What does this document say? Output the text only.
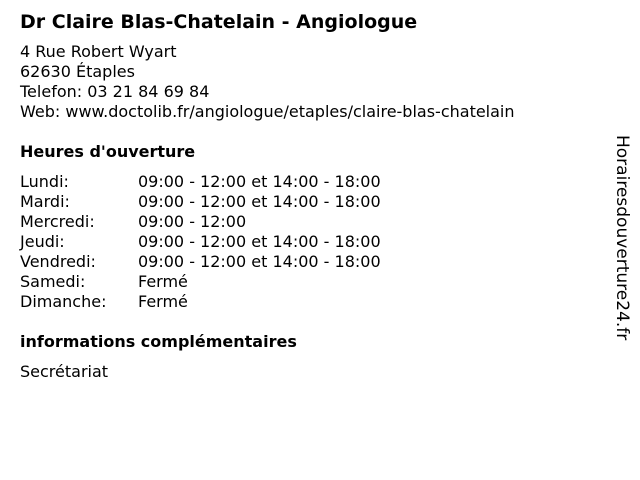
Dr Claire Blas-Chatelain - Angiologue
4 Rue Robert Wyart
62630 Étaples
Telefon: 03 21 84 69 84
Web: www.doctolib.fr/angiologue/etaples/claire-blas-chatelain
Heures d'ouverture
Lundi:	09:00 - 12:00 et 14:00 - 18:00
Mardi:	09:00 - 12:00 et 14:00 - 18:00
Mercredi:	09:00 - 12:00
Jeudi:	09:00 - 12:00 et 14:00 - 18:00
Vendredi:	09:00 - 12:00 et 14:00 - 18:00
Samedi:	Fermé
Dimanche:	Fermé
informations complémentaires
Secrétariat
Horairesdouverture24.fr
